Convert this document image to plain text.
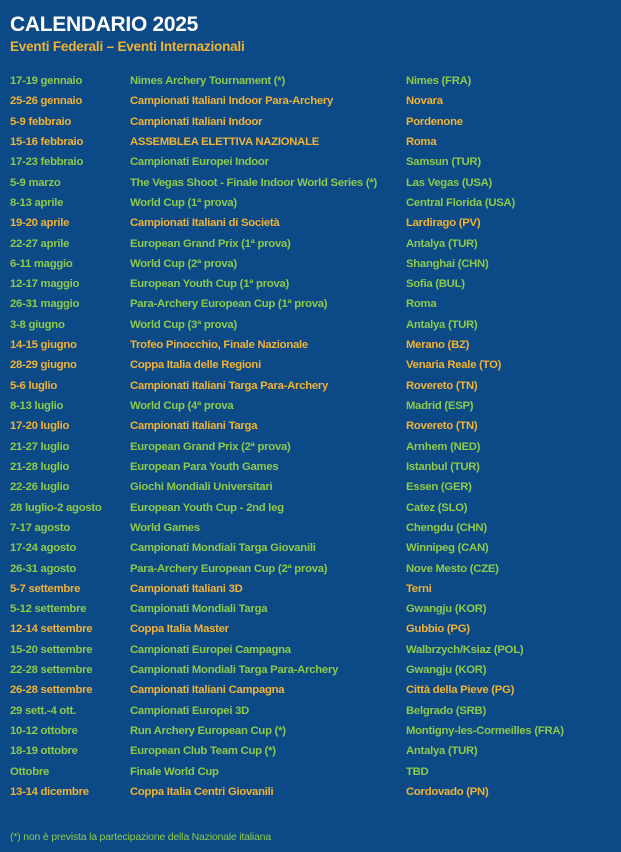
CALENDARIO 2025
Eventi Federali – Eventi Internazionali
17-19 gennaio	Nimes Archery Tournament (*)	Nimes (FRA)
25-26 gennaio	Campionati Italiani Indoor Para-Archery	Novara
5-9 febbraio	Campionati Italiani Indoor	Pordenone
15-16 febbraio	ASSEMBLEA ELETTIVA NAZIONALE	Roma
17-23 febbraio	Campionati Europei Indoor	Samsun (TUR)
5-9 marzo	The Vegas Shoot - Finale Indoor World Series (*)	Las Vegas (USA)
8-13 aprile	World Cup (1ª prova)	Central Florida (USA)
19-20 aprile	Campionati Italiani di Società	Lardirago (PV)
22-27 aprile	European Grand Prix (1ª prova)	Antalya (TUR)
6-11 maggio	World Cup (2ª prova)	Shanghai (CHN)
12-17 maggio	European Youth Cup (1ª prova)	Sofia (BUL)
26-31 maggio	Para-Archery European Cup (1ª prova)	Roma
3-8 giugno	World Cup (3ª prova)	Antalya (TUR)
14-15 giugno	Trofeo Pinocchio, Finale Nazionale	Merano (BZ)
28-29 giugno	Coppa Italia delle Regioni	Venaria Reale (TO)
5-6 luglio	Campionati Italiani Targa Para-Archery	Rovereto (TN)
8-13 luglio	World Cup (4ª prova	Madrid (ESP)
17-20 luglio	Campionati Italiani Targa	Rovereto (TN)
21-27 luglio	European Grand Prix (2ª prova)	Arnhem (NED)
21-28 luglio	European Para Youth Games	Istanbul (TUR)
22-26 luglio	Giochi Mondiali Universitari	Essen (GER)
28 luglio-2 agosto	European Youth Cup - 2nd leg	Catez (SLO)
7-17 agosto	World Games	Chengdu (CHN)
17-24 agosto	Campionati Mondiali Targa Giovanili	Winnipeg (CAN)
26-31 agosto	Para-Archery European Cup (2ª prova)	Nove Mesto (CZE)
5-7 settembre	Campionati Italiani 3D	Terni
5-12 settembre	Campionati Mondiali Targa	Gwangju (KOR)
12-14 settembre	Coppa Italia Master	Gubbio (PG)
15-20 settembre	Campionati Europei Campagna	Walbrzych/Ksiaz (POL)
22-28 settembre	Campionati Mondiali Targa Para-Archery	Gwangju (KOR)
26-28 settembre	Campionati Italiani Campagna	Città della Pieve (PG)
29 sett.-4 ott.	Campionati Europei 3D	Belgrado (SRB)
10-12 ottobre	Run Archery European Cup (*)	Montigny-les-Cormeilles (FRA)
18-19 ottobre	European Club Team Cup (*)	Antalya (TUR)
Ottobre	Finale World Cup	TBD
13-14 dicembre	Coppa Italia Centri Giovanili	Cordovado (PN)
(*) non è prevista la partecipazione della Nazionale italiana
